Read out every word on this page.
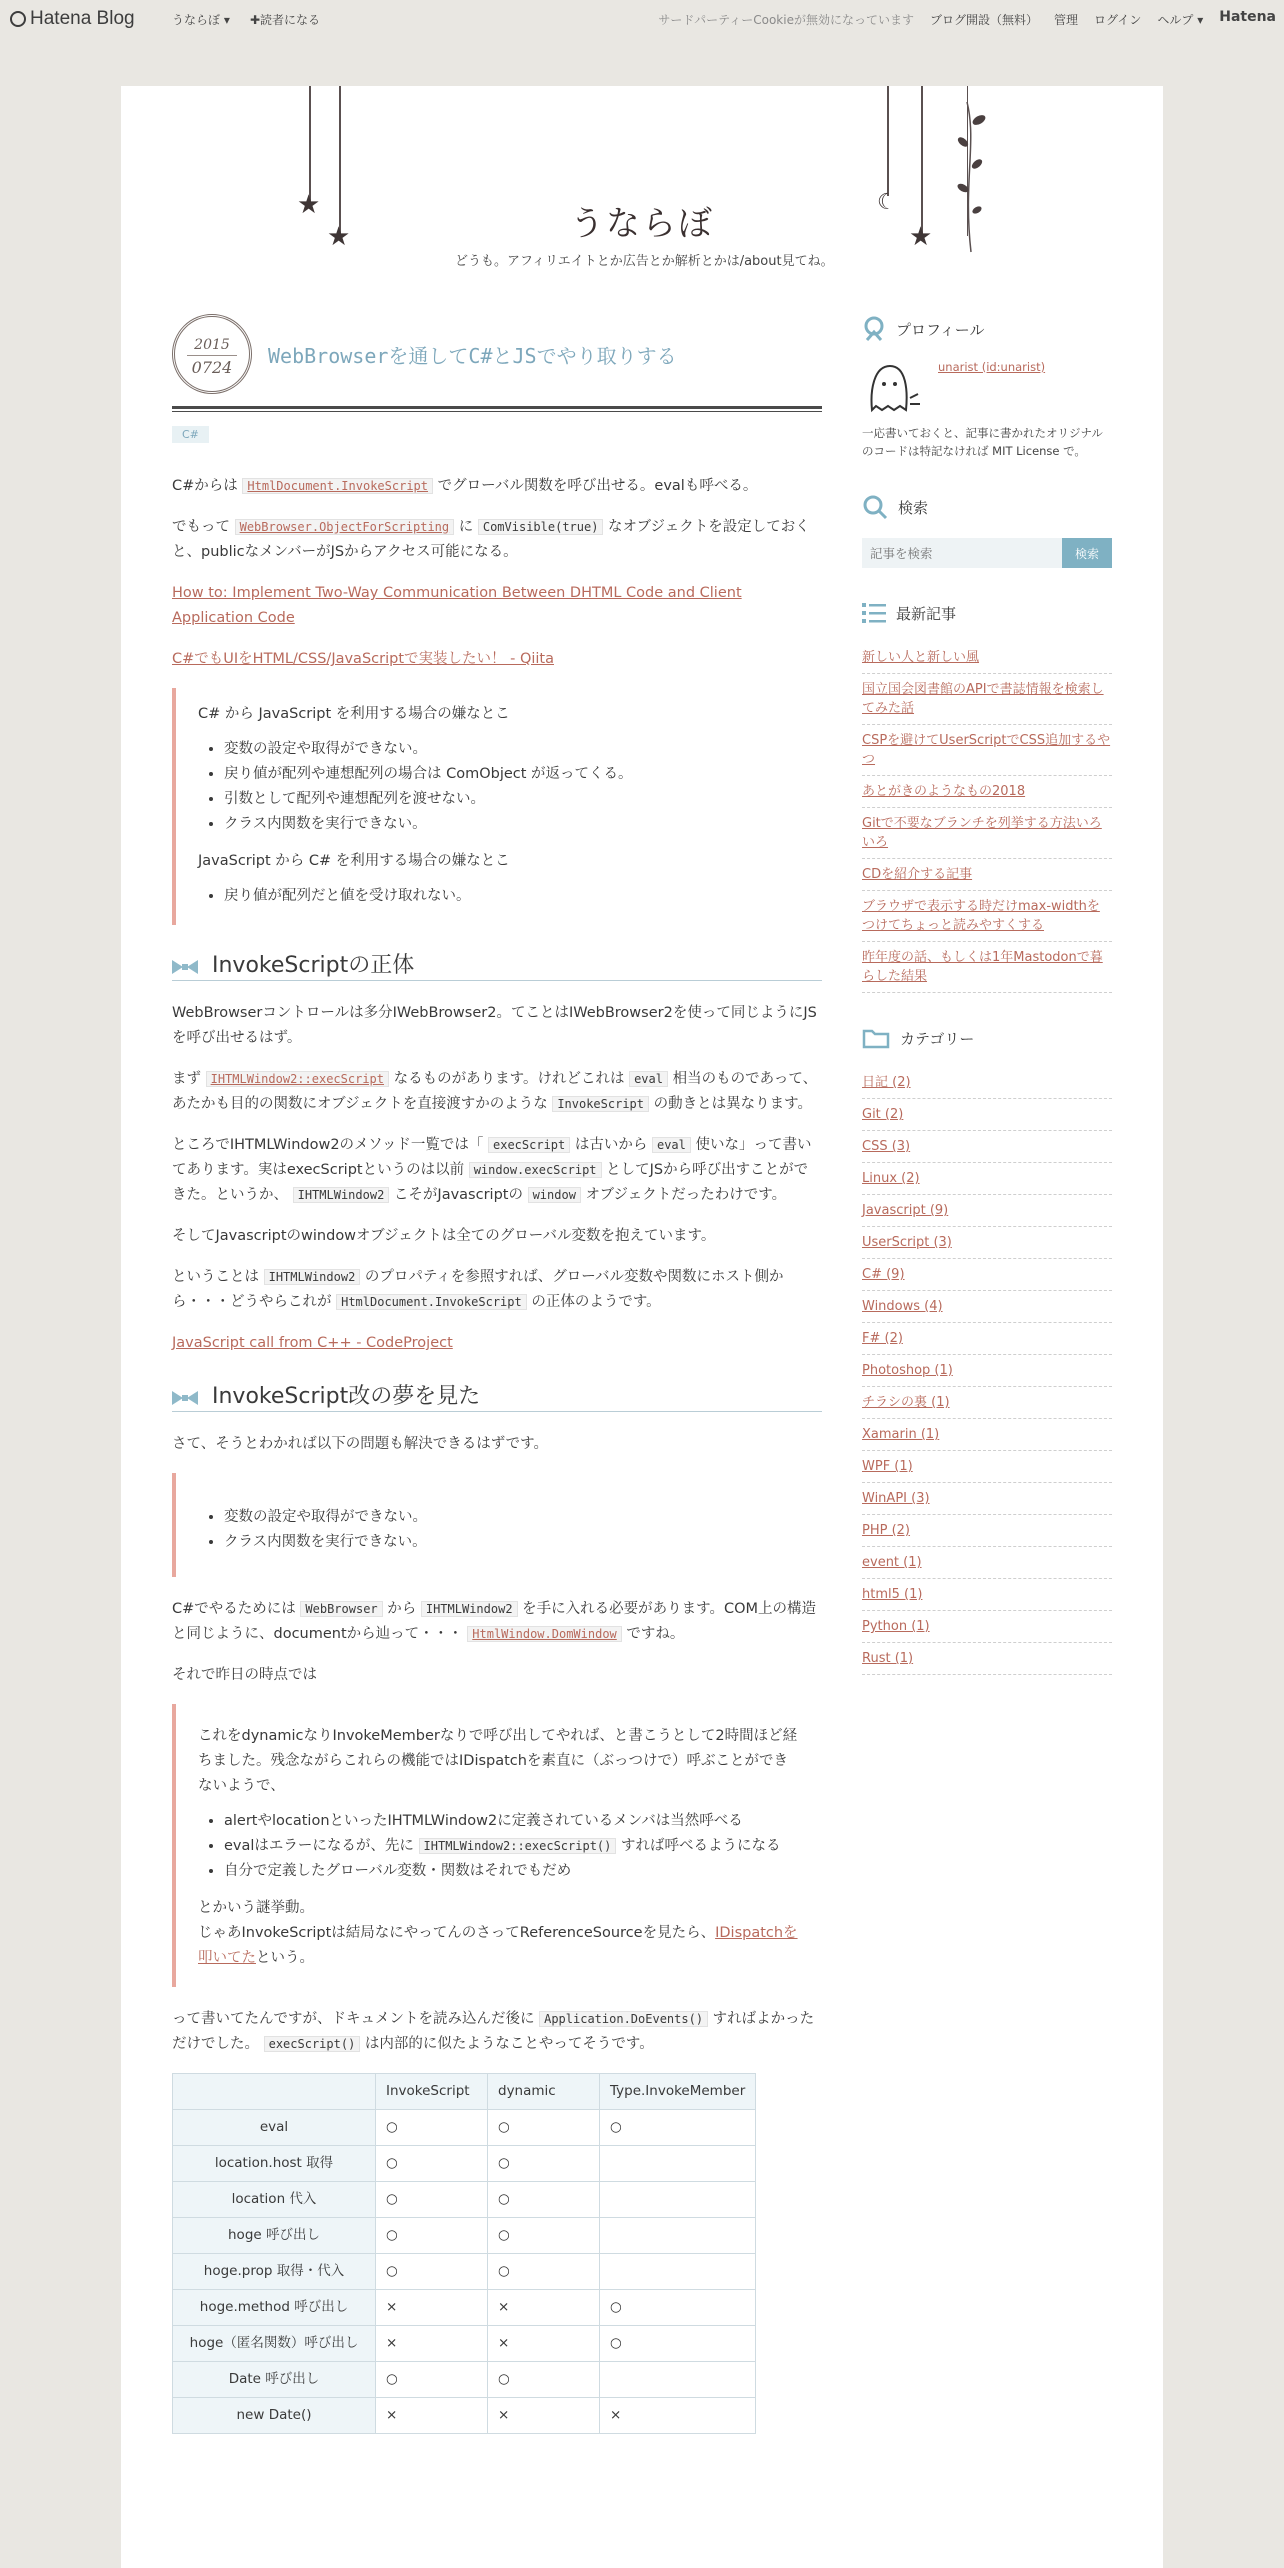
Hatena Blog	うならぼ ▾ ✚読者になる	サードパーティーCookieが無効になっています ブログ開設（無料） 管理 ログイン ヘルプ ▾ Hatena
★
★
☾
★
うならぼ
どうも。アフィリエイトとか広告とか解析とかは/about見てね。
2015
0724 WebBrowserを通してC#とJSでやり取りする
C#

C#からは HtmlDocument.InvokeScript でグローバル関数を呼び出せる。evalも呼べる。

でもって WebBrowser.ObjectForScripting に ComVisible(true) なオブジェクトを設定しておくと、publicなメンバーがJSからアクセス可能になる。

How to: Implement Two-Way Communication Between DHTML Code and Client Application Code

C#でもUIをHTML/CSS/JavaScriptで実装したい！ - Qiita

C# から JavaScript を利用する場合の嫌なとこ
• 変数の設定や取得ができない。
• 戻り値が配列や連想配列の場合は ComObject が返ってくる。
• 引数として配列や連想配列を渡せない。
• クラス内関数を実行できない。
JavaScript から C# を利用する場合の嫌なとこ
• 戻り値が配列だと値を受け取れない。
InvokeScriptの正体

WebBrowserコントロールは多分IWebBrowser2。てことはIWebBrowser2を使って同じようにJSを呼び出せるはず。

まず IHTMLWindow2::execScript なるものがあります。けれどこれは eval 相当のものであって、あたかも目的の関数にオブジェクトを直接渡すかのような InvokeScript の動きとは異なります。

ところでIHTMLWindow2のメソッド一覧では「 execScript は古いから eval 使いな」って書いてあります。実はexecScriptというのは以前 window.execScript としてJSから呼び出すことができた。というか、 IHTMLWindow2 こそがJavascriptの window オブジェクトだったわけです。

そしてJavascriptのwindowオブジェクトは全てのグローバル変数を抱えています。

ということは IHTMLWindow2 のプロパティを参照すれば、グローバル変数や関数にホスト側から・・・どうやらこれが HtmlDocument.InvokeScript の正体のようです。

JavaScript call from C++ - CodeProject

InvokeScript改の夢を見た

さて、そうとわかれば以下の問題も解決できるはずです。

• 変数の設定や取得ができない。
• クラス内関数を実行できない。

C#でやるためには WebBrowser から IHTMLWindow2 を手に入れる必要があります。COM上の構造と同じように、documentから辿って・・・ HtmlWindow.DomWindow ですね。

それで昨日の時点では

これをdynamicなりInvokeMemberなりで呼び出してやれば、と書こうとして2時間ほど経ちました。残念ながらこれらの機能ではIDispatchを素直に（ぶっつけで）呼ぶことができないようで、
• alertやlocationといったIHTMLWindow2に定義されているメンバは当然呼べる
• evalはエラーになるが、先に IHTMLWindow2::execScript() すれば呼べるようになる
• 自分で定義したグローバル変数・関数はそれでもだめ
とかいう謎挙動。
じゃあInvokeScriptは結局なにやってんのさってReferenceSourceを見たら、IDispatchを叩いてたという。

って書いてたんですが、ドキュメントを読み込んだ後に Application.DoEvents() すればよかっただけでした。 execScript() は内部的に似たようなことやってそうです。

	InvokeScript	dynamic	Type.InvokeMember
eval	○	○	○
location.host 取得	○	○	
location 代入	○	○	
hoge 呼び出し	○	○	
hoge.prop 取得・代入	○	○	
hoge.method 呼び出し	×	×	○
hoge（匿名関数）呼び出し	×	×	○
Date 呼び出し	○	○	
new Date()	×	×	×
プロフィール
unarist (id:unarist)
一応書いておくと、記事に書かれたオリジナルのコードは特記なければ MIT License で。
検索
記事を検索
検索
最新記事
新しい人と新しい風
国立国会図書館のAPIで書誌情報を検索してみた話
CSPを避けてUserScriptでCSS追加するやつ
あとがきのようなもの2018
Gitで不要なブランチを列挙する方法いろいろ
CDを紹介する記事
ブラウザで表示する時だけmax-widthをつけてちょっと読みやすくする
昨年度の話、もしくは1年Mastodonで暮らした結果
カテゴリー
日記 (2)
Git (2)
CSS (3)
Linux (2)
Javascript (9)
UserScript (3)
C# (9)
Windows (4)
F# (2)
Photoshop (1)
チラシの裏 (1)
Xamarin (1)
WPF (1)
WinAPI (3)
PHP (2)
event (1)
html5 (1)
Python (1)
Rust (1)
